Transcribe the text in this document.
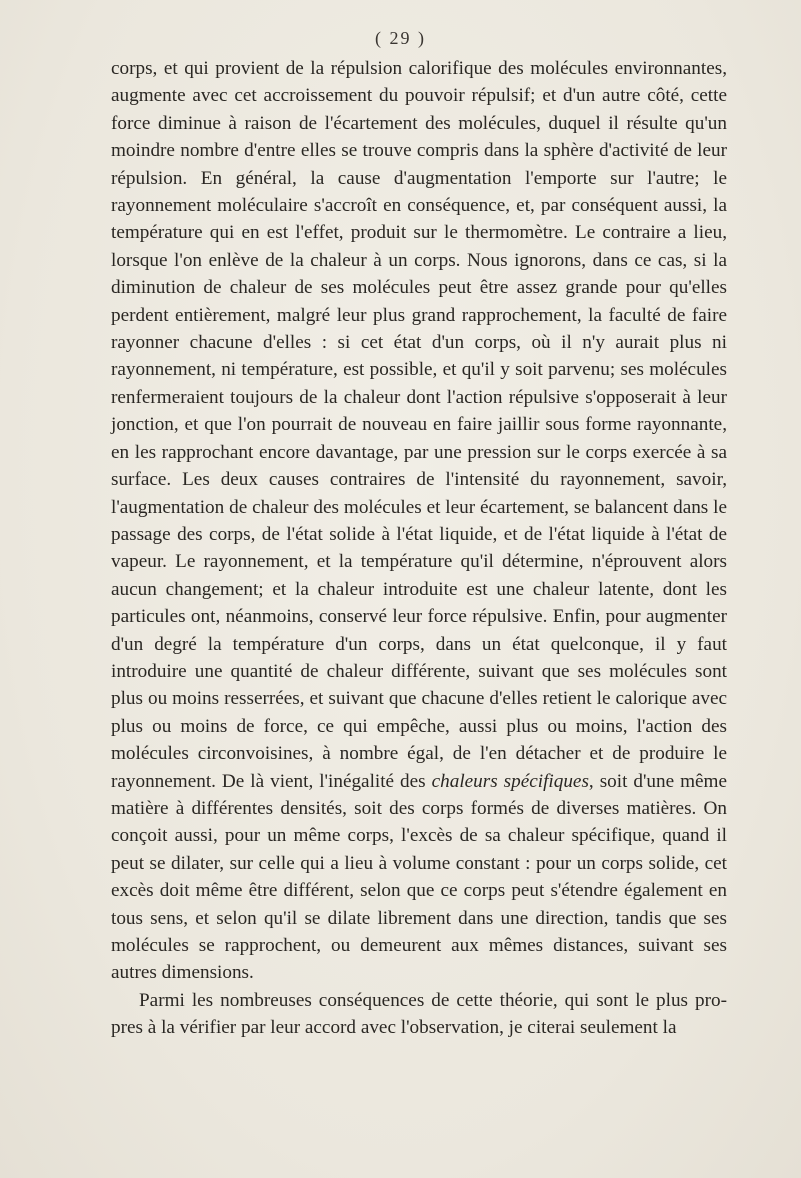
( 29 )

corps, et qui provient de la répulsion calorifique des molécules environnantes, augmente avec cet accroissement du pouvoir répulsif; et d'un autre côté, cette force diminue à raison de l'écartement des molécules, duquel il résulte qu'un moindre nombre d'entre elles se trouve compris dans la sphère d'activité de leur répulsion. En général, la cause d'augmentation l'emporte sur l'autre; le rayonnement moléculaire s'accroît en conséquence, et, par conséquent aussi, la température qui en est l'effet, produit sur le thermomètre. Le contraire a lieu, lorsque l'on enlève de la chaleur à un corps. Nous ignorons, dans ce cas, si la diminution de chaleur de ses molécules peut être assez grande pour qu'elles perdent entièrement, malgré leur plus grand rapprochement, la faculté de faire rayonner chacune d'elles : si cet état d'un corps, où il n'y aurait plus ni rayonnement, ni température, est possible, et qu'il y soit parvenu; ses molécules renfermeraient toujours de la chaleur dont l'action répulsive s'opposerait à leur jonction, et que l'on pourrait de nouveau en faire jaillir sous forme rayonnante, en les rapprochant encore davantage, par une pression sur le corps exercée à sa surface. Les deux causes contraires de l'intensité du rayonnement, savoir, l'augmentation de chaleur des molécules et leur écartement, se balancent dans le passage des corps, de l'état solide à l'état liquide, et de l'état liquide à l'état de vapeur. Le rayonnement, et la température qu'il détermine, n'éprouvent alors aucun changement; et la chaleur introduite est une chaleur latente, dont les particules ont, néanmoins, conservé leur force répulsive. Enfin, pour augmenter d'un degré la température d'un corps, dans un état quelconque, il y faut introduire une quantité de chaleur différente, suivant que ses molécules sont plus ou moins resserrées, et suivant que chacune d'elles retient le calorique avec plus ou moins de force, ce qui empêche, aussi plus ou moins, l'action des molécules circonvoisines, à nombre égal, de l'en détacher et de produire le rayonnement. De là vient, l'inégalité des chaleurs spécifiques, soit d'une même matière à différentes densités, soit des corps formés de diverses matières. On conçoit aussi, pour un même corps, l'excès de sa chaleur spécifique, quand il peut se dilater, sur celle qui a lieu à volume constant : pour un corps solide, cet excès doit même être différent, selon que ce corps peut s'étendre également en tous sens, et selon qu'il se dilate librement dans une direction, tandis que ses molécules se rapprochent, ou demeurent aux mêmes distances, suivant ses autres dimensions.

Parmi les nombreuses conséquences de cette théorie, qui sont le plus propres à la vérifier par leur accord avec l'observation, je citerai seulement la
